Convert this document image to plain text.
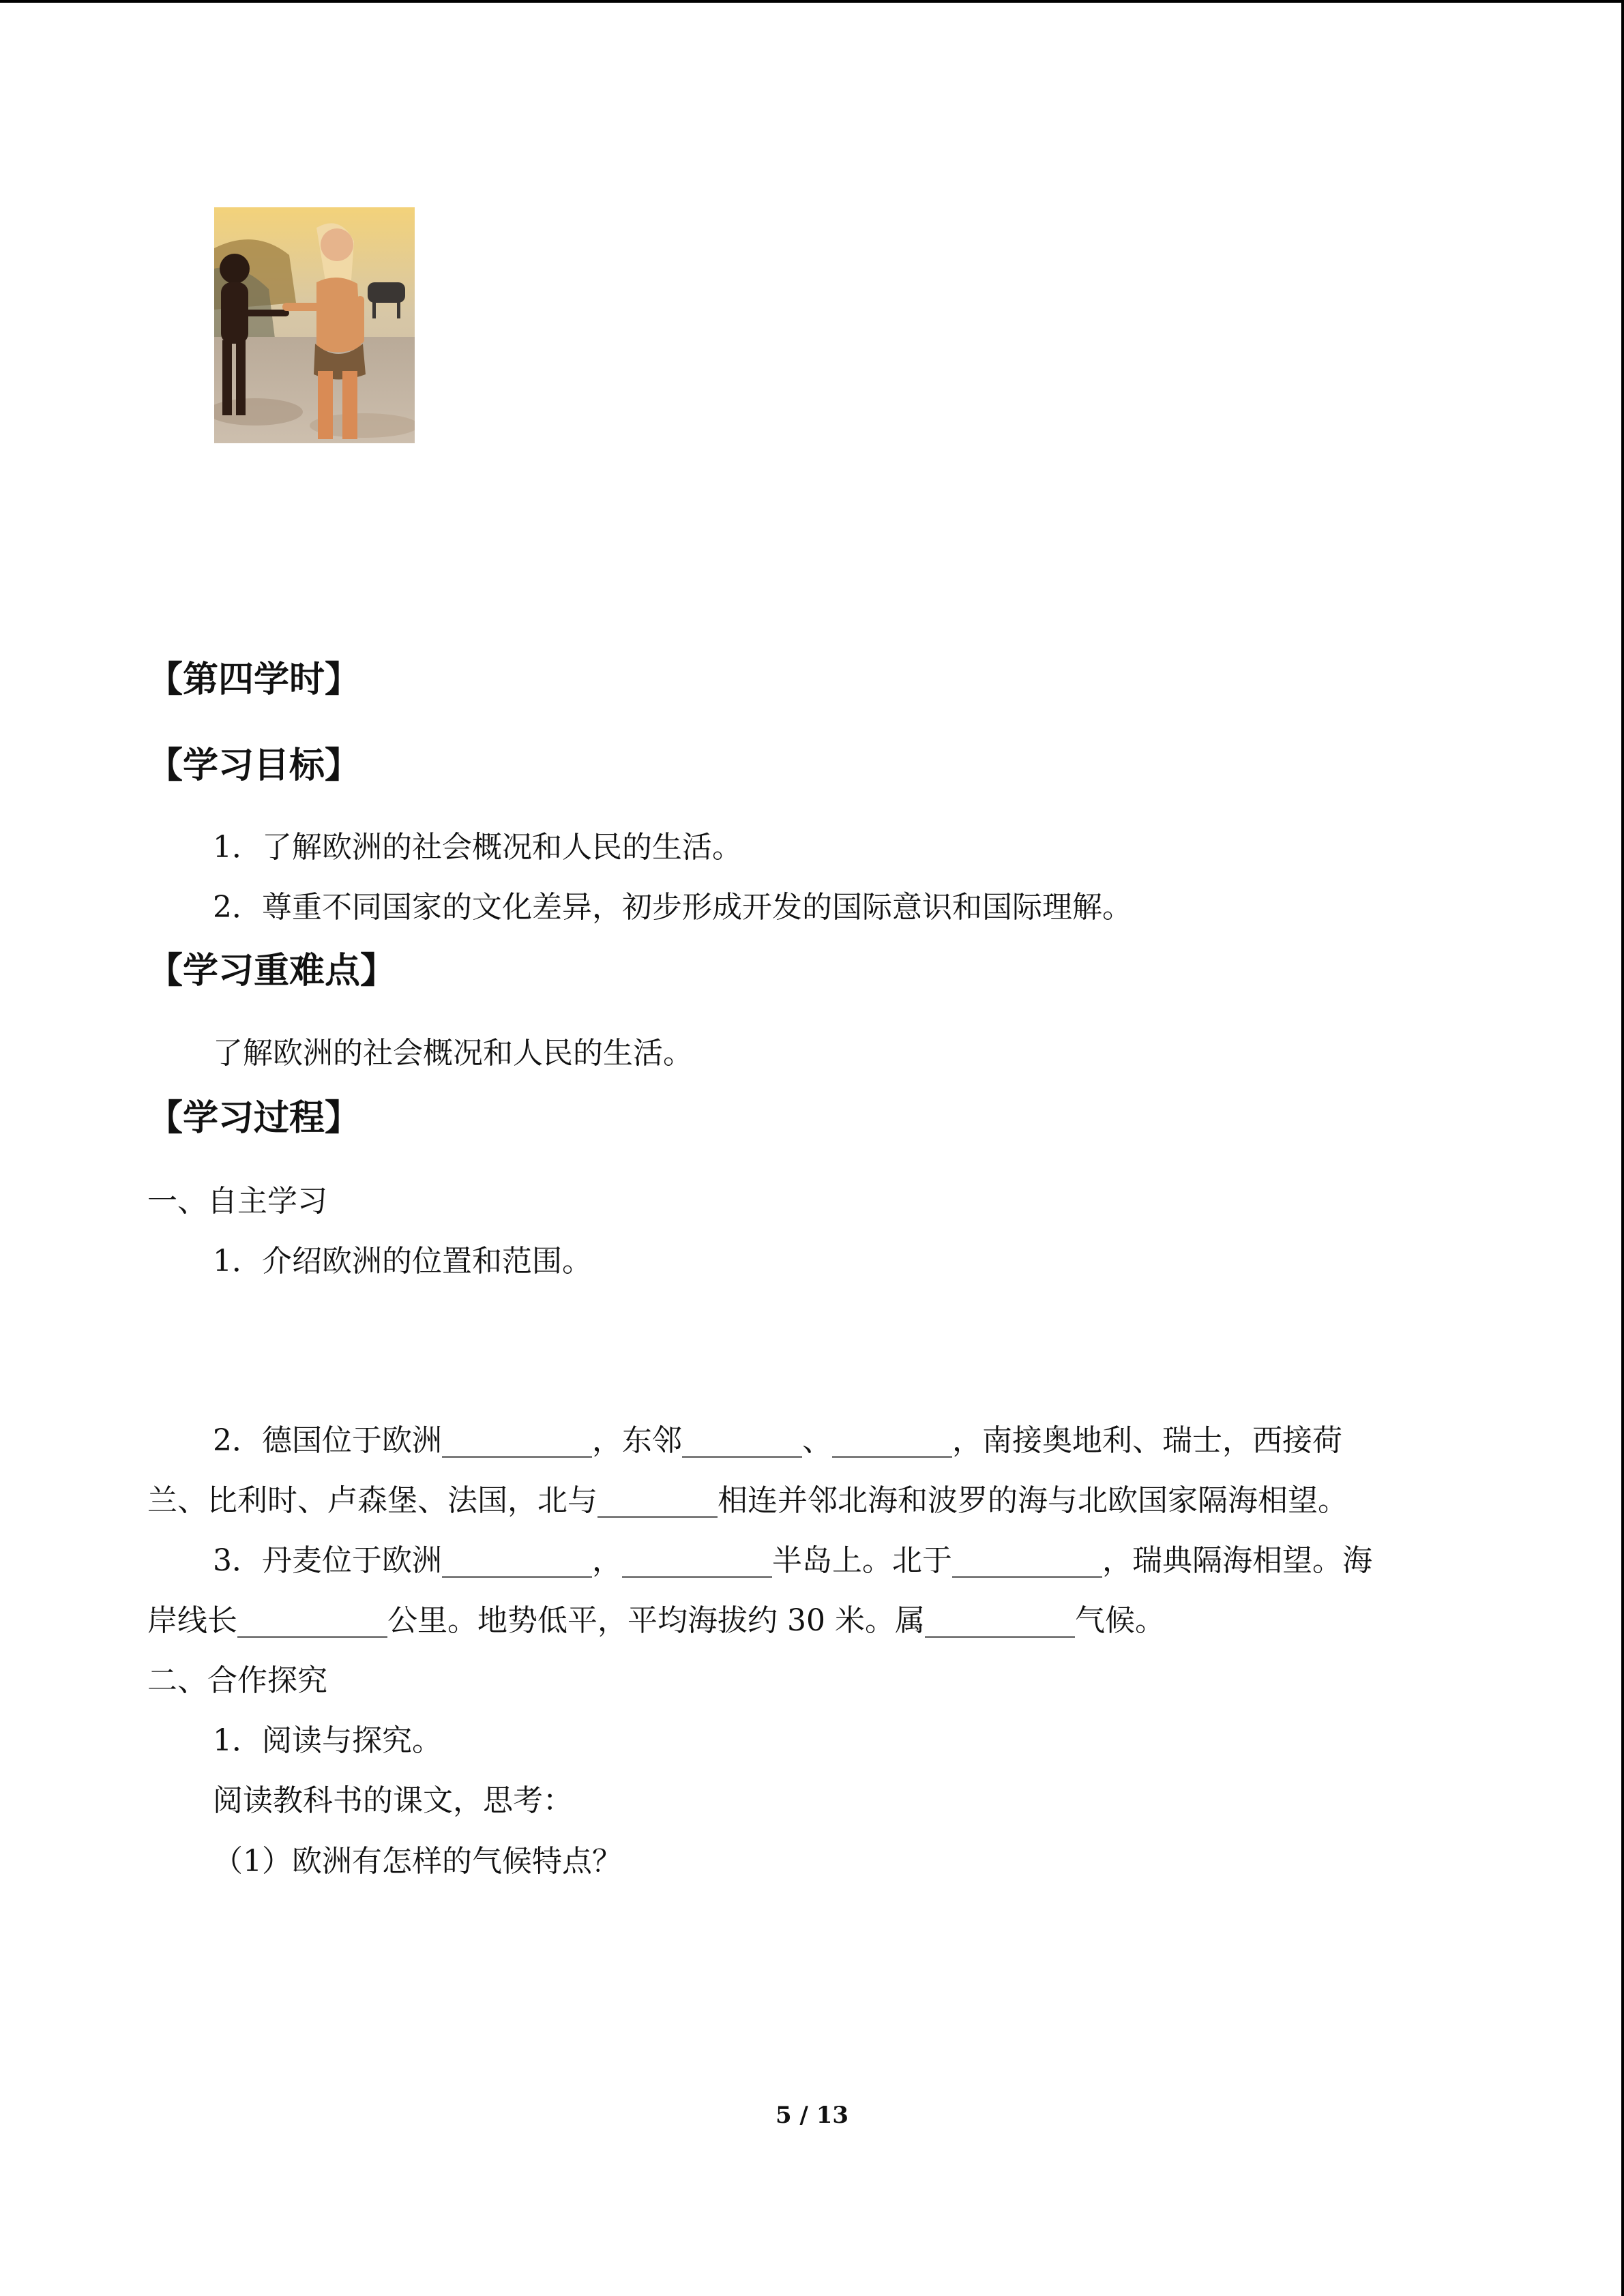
【第四学时】
【学习目标】
1．了解欧洲的社会概况和人民的生活。
2．尊重不同国家的文化差异，初步形成开发的国际意识和国际理解。
【学习重难点】
了解欧洲的社会概况和人民的生活。
【学习过程】
一、自主学习
1．介绍欧洲的位置和范围。
2．德国位于欧洲__________，东邻________、________，南接奥地利、瑞士，西接荷
兰、比利时、卢森堡、法国，北与________相连并邻北海和波罗的海与北欧国家隔海相望。
3．丹麦位于欧洲__________，__________半岛上。北于__________，瑞典隔海相望。海
岸线长__________公里。地势低平，平均海拔约 30 米。属__________气候。
二、合作探究
1．阅读与探究。
阅读教科书的课文，思考：
（1）欧洲有怎样的气候特点？
5 / 13
